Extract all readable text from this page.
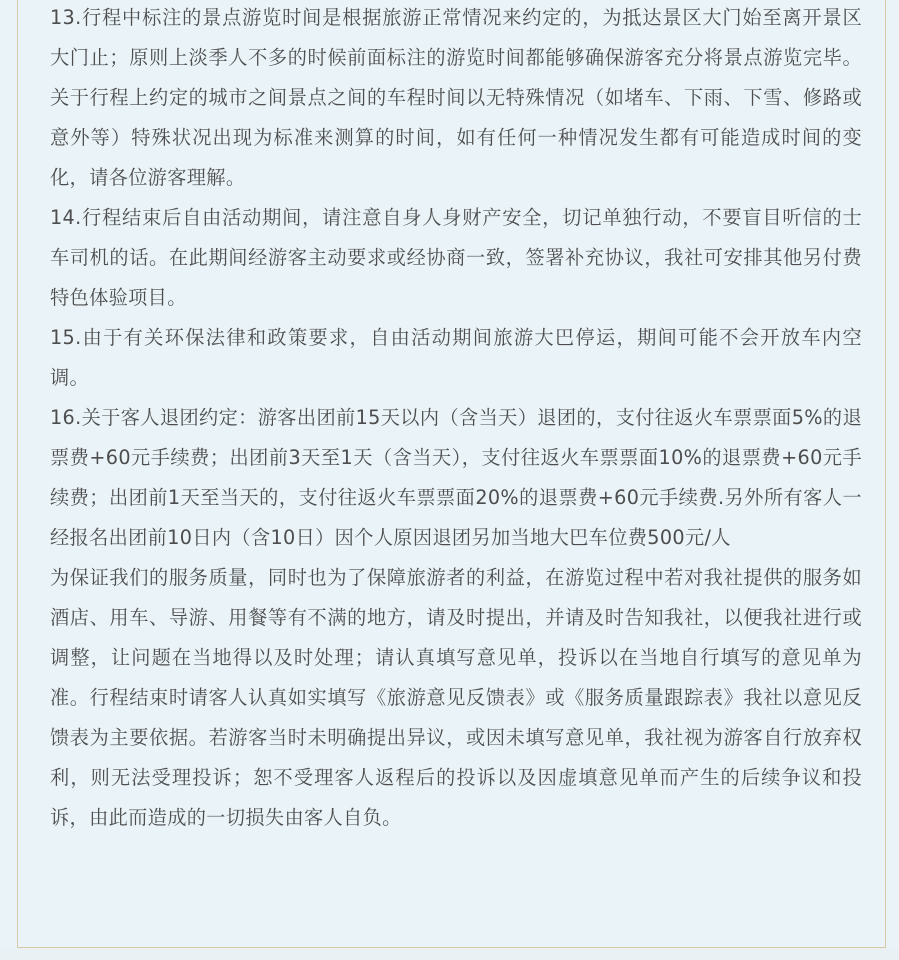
13.行程中标注的景点游览时间是根据旅游正常情况来约定的，为抵达景区大门始至离开景区大门止；原则上淡季人不多的时候前面标注的游览时间都能够确保游客充分将景点游览完毕。关于行程上约定的城市之间景点之间的车程时间以无特殊情况（如堵车、下雨、下雪、修路或意外等）特殊状况出现为标准来测算的时间，如有任何一种情况发生都有可能造成时间的变化，请各位游客理解。

14.行程结束后自由活动期间，请注意自身人身财产安全，切记单独行动，不要盲目听信的士车司机的话。在此期间经游客主动要求或经协商一致，签署补充协议，我社可安排其他另付费特色体验项目。

15.由于有关环保法律和政策要求，自由活动期间旅游大巴停运，期间可能不会开放车内空调。

16.关于客人退团约定：游客出团前15天以内（含当天）退团的，支付往返火车票票面5%的退票费+60元手续费；出团前3天至1天（含当天），支付往返火车票票面10%的退票费+60元手续费；出团前1天至当天的，支付往返火车票票面20%的退票费+60元手续费.另外所有客人一经报名出团前10日内（含10日）因个人原因退团另加当地大巴车位费500元/人

为保证我们的服务质量，同时也为了保障旅游者的利益，在游览过程中若对我社提供的服务如酒店、用车、导游、用餐等有不满的地方，请及时提出，并请及时告知我社，以便我社进行或调整，让问题在当地得以及时处理；请认真填写意见单，投诉以在当地自行填写的意见单为准。行程结束时请客人认真如实填写《旅游意见反馈表》或《服务质量跟踪表》我社以意见反馈表为主要依据。若游客当时未明确提出异议，或因未填写意见单，我社视为游客自行放弃权利，则无法受理投诉；恕不受理客人返程后的投诉以及因虚填意见单而产生的后续争议和投诉，由此而造成的一切损失由客人自负。
